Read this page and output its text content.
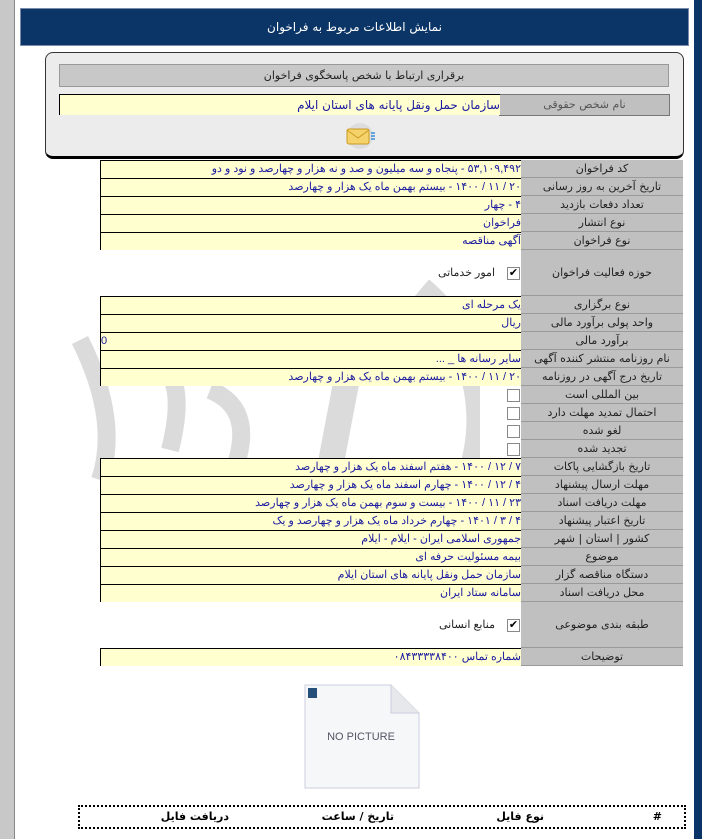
نمایش اطلاعات مربوط به فراخوان
برقراری ارتباط با شخص پاسخگوی فراخوان
نام شخص حقوقی
سازمان حمل ونقل پایانه های استان ایلام
کد فراخوان
۵۳,۱۰۹,۴۹۲ - پنجاه و سه میلیون و صد و نه هزار و چهارصد و نود و دو
تاریخ آخرین به روز رسانی
۲۰ / ۱۱ / ۱۴۰۰ - بیستم بهمن ماه یک هزار و چهارصد
تعداد دفعات بازدید
۴ - چهار
نوع انتشار
فراخوان
نوع فراخوان
آگهی مناقصه
حوزه فعالیت فراخوان
✔
امور خدماتی
نوع برگزاری
یک مرحله ای
واحد پولی برآورد مالی
ریال
برآورد مالی
0
نام روزنامه منتشر کننده آگهی
سایر رسانه ها _ ...
تاریخ درج آگهی در روزنامه
۲۰ / ۱۱ / ۱۴۰۰ - بیستم بهمن ماه یک هزار و چهارصد
بین المللی است
احتمال تمدید مهلت دارد
لغو شده
تجدید شده
تاریخ بازگشایی پاکات
۷ / ۱۲ / ۱۴۰۰ - هفتم اسفند ماه یک هزار و چهارصد
مهلت ارسال پیشنهاد
۴ / ۱۲ / ۱۴۰۰ - چهارم اسفند ماه یک هزار و چهارصد
مهلت دریافت اسناد
۲۳ / ۱۱ / ۱۴۰۰ - بیست و سوم بهمن ماه یک هزار و چهارصد
تاریخ اعتبار پیشنهاد
۴ / ۳ / ۱۴۰۱ - چهارم خرداد ماه یک هزار و چهارصد و یک
کشور | استان | شهر
جمهوری اسلامی ایران - ایلام - ایلام
موضوع
بیمه مسئولیت حرفه ای
دستگاه مناقصه گزار
سازمان حمل ونقل پایانه های استان ایلام
محل دریافت اسناد
سامانه ستاد ایران
طبقه بندی موضوعی
✔
منابع انسانی
توضیحات
شماره تماس ۰۸۴۳۳۳۳۸۴۰۰
NO PICTURE
#
نوع فایل
تاریخ / ساعت
دریافت فایل
